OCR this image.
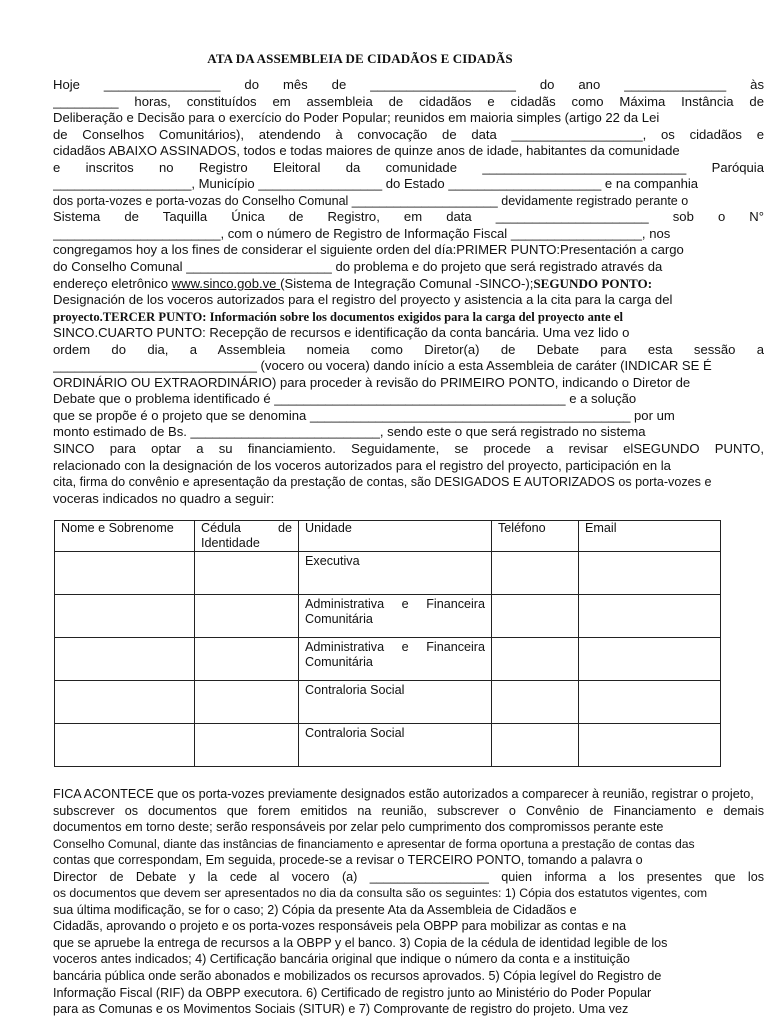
ATA DA ASSEMBLEIA DE CIDADÃOS E CIDADÃS
Hoje ________________ do mês de ____________________ do ano ______________ às
_________ horas, constituídos em assembleia de cidadãos e cidadãs como Máxima Instância de
Deliberação e Decisão para o exercício do Poder Popular; reunidos em maioria simples (artigo 22 da Lei
de Conselhos Comunitários), atendendo à convocação de data __________________, os cidadãos e
cidadãos ABAIXO ASSINADOS, todos e todas maiores de quinze anos de idade, habitantes da comunidade
e inscritos no Registro Eleitoral da comunidade ____________________________ Paróquia
___________________, Município _________________ do Estado _____________________ e na companhia
dos porta-vozes e porta-vozas do Conselho Comunal _____________________ devidamente registrado perante o
Sistema de Taquilla Única de Registro, em data _____________________ sob o N°
_______________________, com o número de Registro de Informação Fiscal __________________, nos
congregamos hoy a los fines de considerar el siguiente orden del día:PRIMER PUNTO:Presentación a cargo
do Conselho Comunal ____________________ do problema e do projeto que será registrado através da
endereço eletrônico www.sinco.gob.ve (Sistema de Integração Comunal -SINCO-);SEGUNDO PONTO:
Designación de los voceros autorizados para el registro del proyecto y asistencia a la cita para la carga del
proyecto.TERCER PUNTO: Información sobre los documentos exigidos para la carga del proyecto ante el
SINCO.CUARTO PUNTO: Recepção de recursos e identificação da conta bancária. Uma vez lido o
ordem do dia, a Assembleia nomeia como Diretor(a) de Debate para esta sessão a
____________________________ (vocero ou vocera) dando início a esta Assembleia de caráter (INDICAR SE É
ORDINÁRIO OU EXTRAORDINÁRIO) para proceder à revisão do PRIMEIRO PONTO, indicando o Diretor de
Debate que o problema identificado é ________________________________________ e a solução
que se propõe é o projeto que se denomina ____________________________________________ por um
monto estimado de Bs. __________________________, sendo este o que será registrado no sistema
SINCO para optar a su financiamiento. Seguidamente, se procede a revisar elSEGUNDO PUNTO,
relacionado con la designación de los voceros autorizados para el registro del proyecto, participación en la
cita, firma do convênio e apresentação da prestação de contas, são DESIGADOS E AUTORIZADOS os porta-vozes e
voceras indicados no quadro a seguir:
Nome e Sobrenome	Cédula de
Identidade	Unidade	Teléfono	Email

		Executiva		

		Administrativa e Financeira
Comunitária		

		Administrativa e Financeira
Comunitária		

		Contraloria Social		

		Contraloria Social		

FICA ACONTECE que os porta-vozes previamente designados estão autorizados a comparecer à reunião, registrar o projeto,
subscrever os documentos que forem emitidos na reunião, subscrever o Convênio de Financiamento e demais
documentos em torno deste; serão responsáveis por zelar pelo cumprimento dos compromissos perante este
Conselho Comunal, diante das instâncias de financiamento e apresentar de forma oportuna a prestação de contas das
contas que correspondam, Em seguida, procede-se a revisar o TERCEIRO PONTO, tomando a palavra o
Director de Debate y la cede al vocero (a) _________________ quien informa a los presentes que los
os documentos que devem ser apresentados no dia da consulta são os seguintes: 1) Cópia dos estatutos vigentes, com
sua última modificação, se for o caso; 2) Cópia da presente Ata da Assembleia de Cidadãos e
Cidadãs, aprovando o projeto e os porta-vozes responsáveis pela OBPP para mobilizar as contas e na
que se apruebe la entrega de recursos a la OBPP y el banco. 3) Copia de la cédula de identidad legible de los
voceros antes indicados; 4) Certificação bancária original que indique o número da conta e a instituição
bancária pública onde serão abonados e mobilizados os recursos aprovados. 5) Cópia legível do Registro de
Informação Fiscal (RIF) da OBPP executora. 6) Certificado de registro junto ao Ministério do Poder Popular
para as Comunas e os Movimentos Sociais (SITUR) e 7) Comprovante de registro do projeto. Uma vez
